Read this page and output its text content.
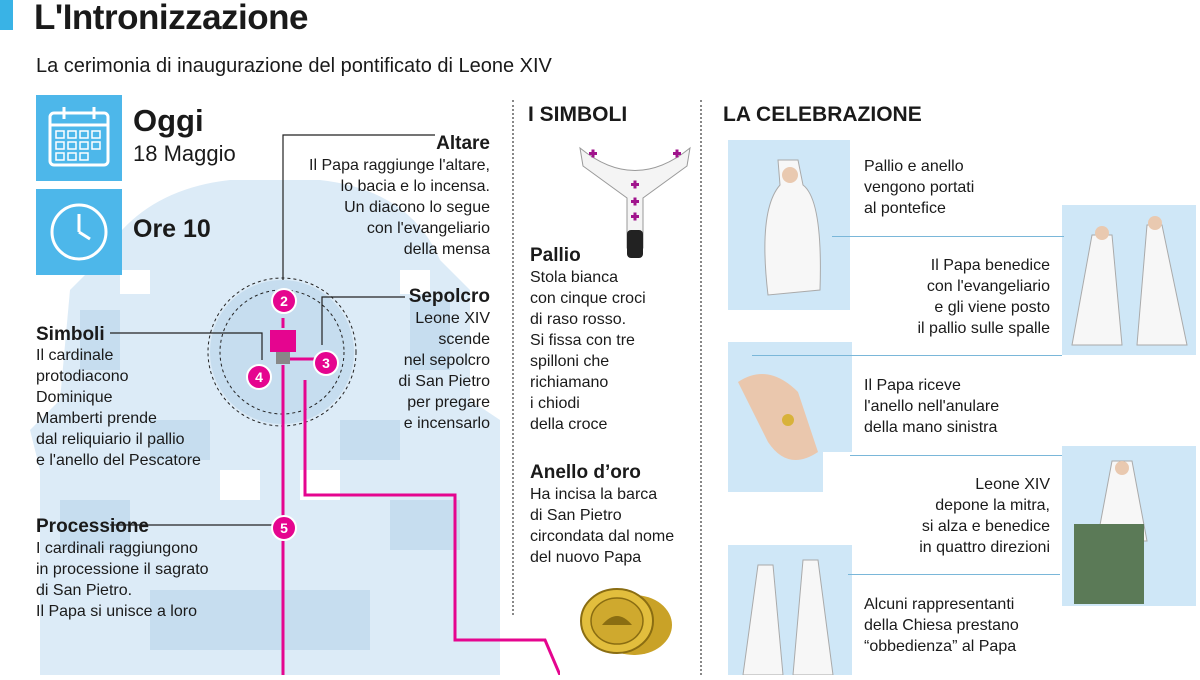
L'Intronizzazione
La cerimonia di inaugurazione del pontificato di Leone XIV
Oggi
18 Maggio
Ore 10
2
3
4
5
Altare
Il Papa raggiunge l'altare,
lo bacia e lo incensa.
Un diacono lo segue
con l'evangeliario
della mensa
Sepolcro
Leone XIV
scende
nel sepolcro
di San Pietro
per pregare
e incensarlo
Simboli
Il cardinale
protodiacono
Dominique
Mamberti prende
dal reliquiario il pallio
e l'anello del Pescatore
Processione
I cardinali raggiungono
in processione il sagrato
di San Pietro.
Il Papa si unisce a loro
I SIMBOLI
Pallio
Stola bianca
con cinque croci
di raso rosso.
Si fissa con tre
spilloni che
richiamano
i chiodi
della croce
Anello d’oro
Ha incisa la barca
di San Pietro
circondata dal nome
del nuovo Papa
LA CELEBRAZIONE
Pallio e anello
vengono portati
al pontefice
Il Papa benedice
con l'evangeliario
e gli viene posto
il pallio sulle spalle
Il Papa riceve
l'anello nell'anulare
della mano sinistra
Leone XIV
depone la mitra,
si alza e benedice
in quattro direzioni
Alcuni rappresentanti
della Chiesa prestano
“obbedienza” al Papa
